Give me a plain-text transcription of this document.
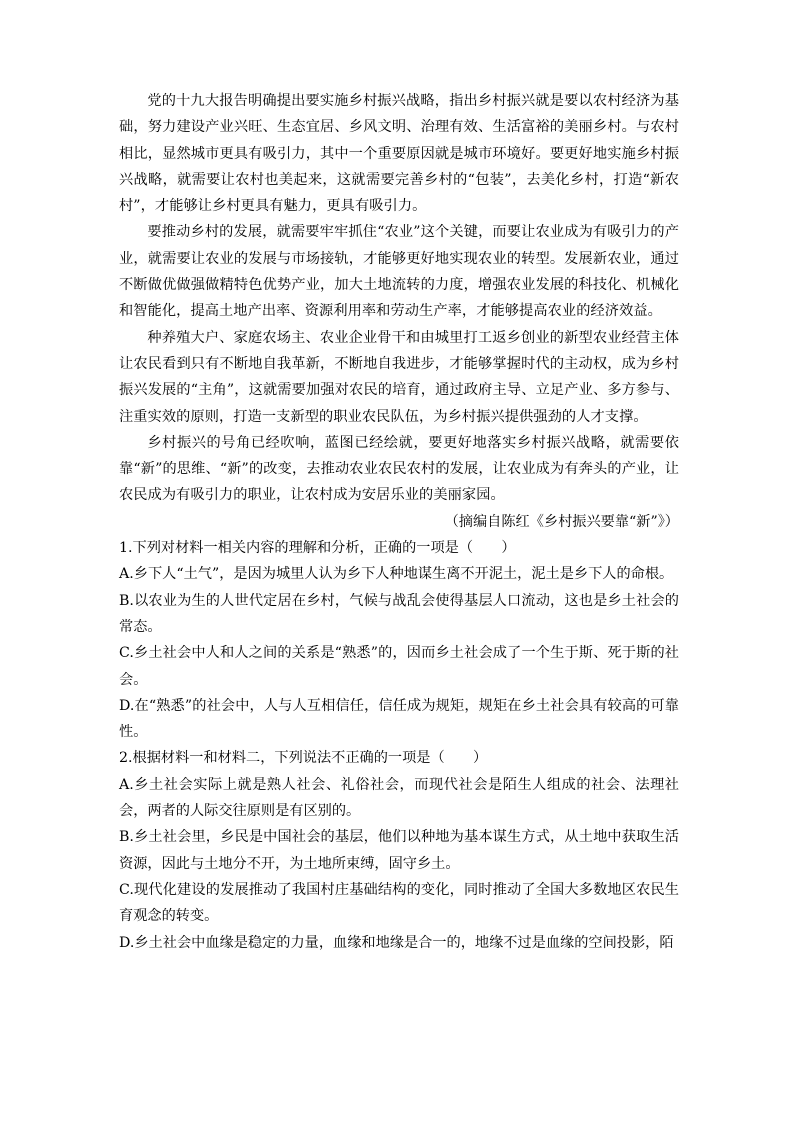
党的十九大报告明确提出要实施乡村振兴战略，指出乡村振兴就是要以农村经济为基础，努力建设产业兴旺、生态宜居、乡风文明、治理有效、生活富裕的美丽乡村。与农村相比，显然城市更具有吸引力，其中一个重要原因就是城市环境好。要更好地实施乡村振兴战略，就需要让农村也美起来，这就需要完善乡村的“包装”，去美化乡村，打造“新农村”，才能够让乡村更具有魅力，更具有吸引力。

要推动乡村的发展，就需要牢牢抓住“农业”这个关键，而要让农业成为有吸引力的产业，就需要让农业的发展与市场接轨，才能够更好地实现农业的转型。发展新农业，通过不断做优做强做精特色优势产业，加大土地流转的力度，增强农业发展的科技化、机械化和智能化，提高土地产出率、资源利用率和劳动生产率，才能够提高农业的经济效益。

种养殖大户、家庭农场主、农业企业骨干和由城里打工返乡创业的新型农业经营主体让农民看到只有不断地自我革新，不断地自我进步，才能够掌握时代的主动权，成为乡村振兴发展的“主角”，这就需要加强对农民的培育，通过政府主导、立足产业、多方参与、注重实效的原则，打造一支新型的职业农民队伍，为乡村振兴提供强劲的人才支撑。

乡村振兴的号角已经吹响，蓝图已经绘就，要更好地落实乡村振兴战略，就需要依靠“新”的思维、“新”的改变，去推动农业农民农村的发展，让农业成为有奔头的产业，让农民成为有吸引力的职业，让农村成为安居乐业的美丽家园。

（摘编自陈红《乡村振兴要靠“新”》）

1.下列对材料一相关内容的理解和分析，正确的一项是（　　）

A.乡下人“土气”，是因为城里人认为乡下人种地谋生离不开泥土，泥土是乡下人的命根。

B.以农业为生的人世代定居在乡村，气候与战乱会使得基层人口流动，这也是乡土社会的常态。

C.乡土社会中人和人之间的关系是“熟悉”的，因而乡土社会成了一个生于斯、死于斯的社会。

D.在“熟悉”的社会中，人与人互相信任，信任成为规矩，规矩在乡土社会具有较高的可靠性。

2.根据材料一和材料二，下列说法不正确的一项是（　　）

A.乡土社会实际上就是熟人社会、礼俗社会，而现代社会是陌生人组成的社会、法理社会，两者的人际交往原则是有区别的。

B.乡土社会里，乡民是中国社会的基层，他们以种地为基本谋生方式，从土地中获取生活资源，因此与土地分不开，为土地所束缚，固守乡土。

C.现代化建设的发展推动了我国村庄基础结构的变化，同时推动了全国大多数地区农民生育观念的转变。

D.乡土社会中血缘是稳定的力量，血缘和地缘是合一的，地缘不过是血缘的空间投影，陌
